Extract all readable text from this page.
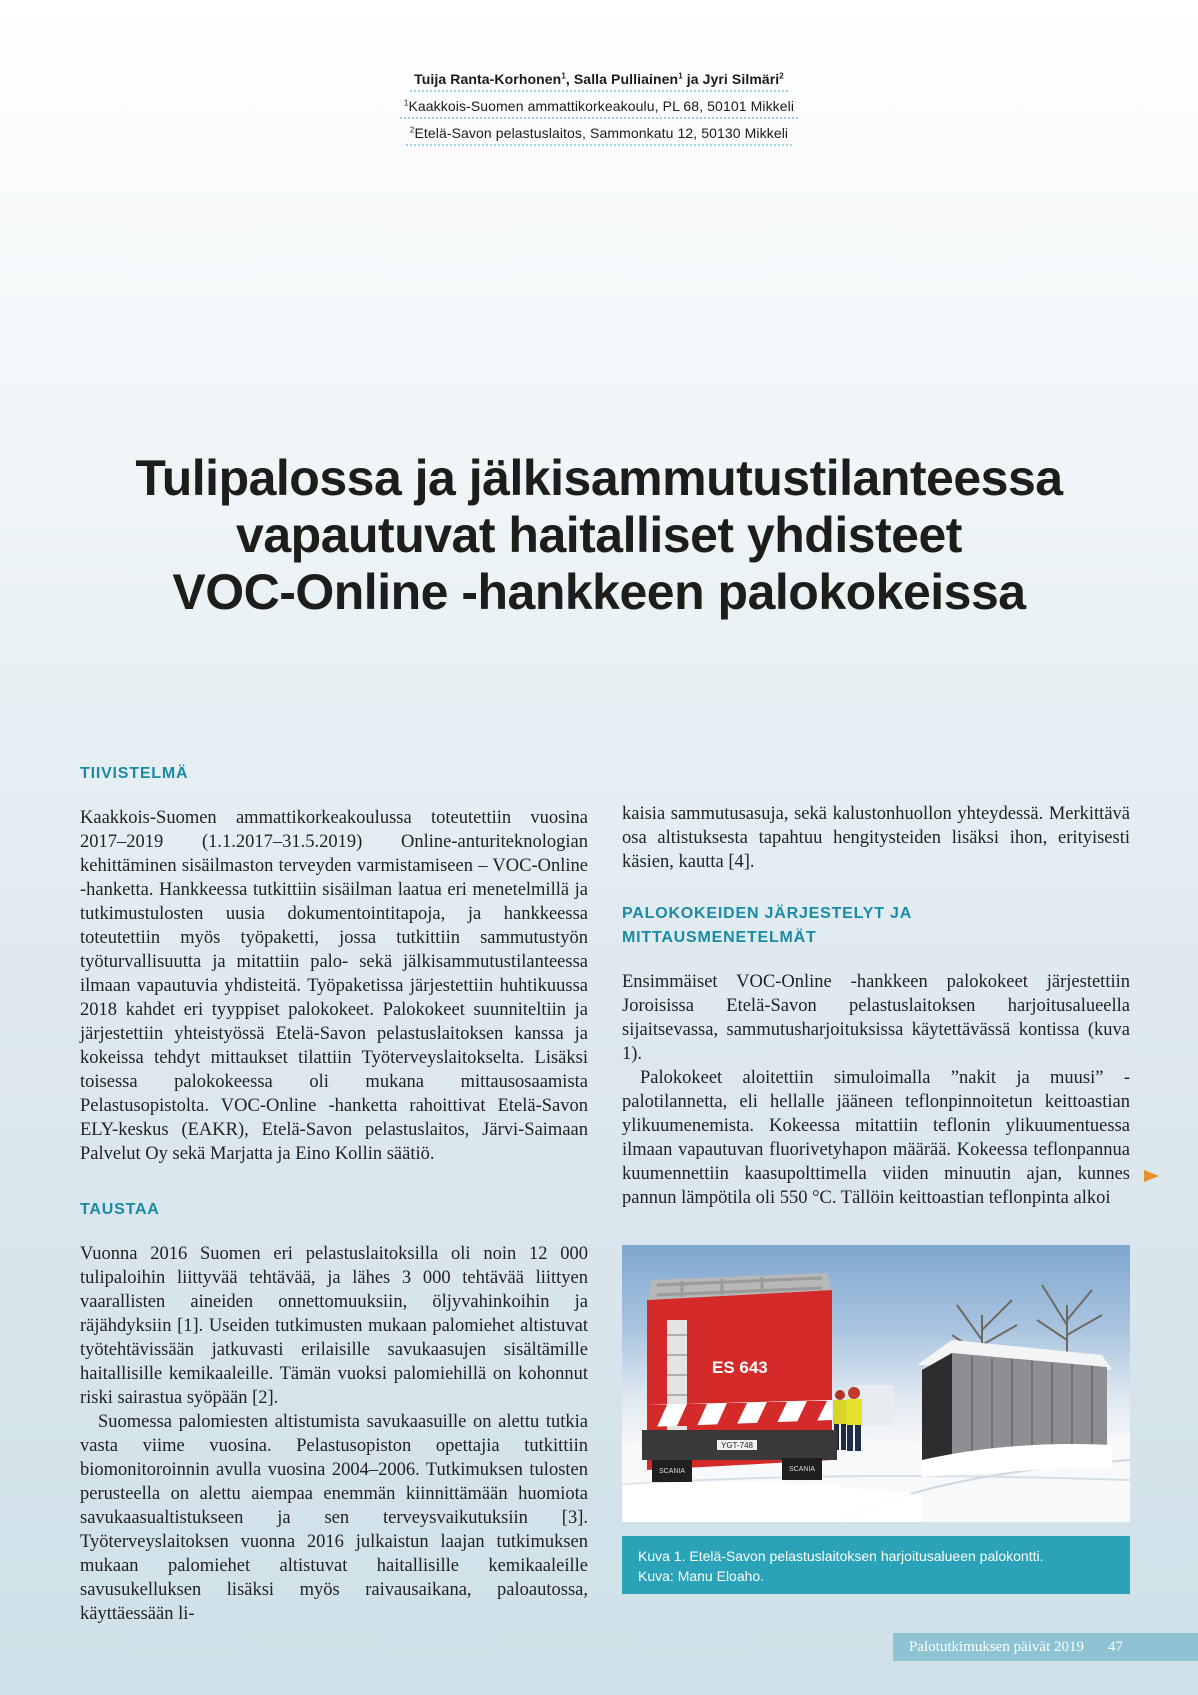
Tuija Ranta-Korhonen$^1$, Salla Pulliainen$^1$ ja Jyri Silmäri$^2$
$^1$Kaakkois-Suomen ammattikorkeakoulu, PL 68, 50101 Mikkeli
$^2$Etelä-Savon pelastuslaitos, Sammonkatu 12, 50130 Mikkeli
Tulipalossa ja jälkisammutustilanteessa
vapautuvat haitalliset yhdisteet
VOC-Online -hankkeen palokokeissa
TIIVISTELMÄ

Kaakkois-Suomen ammattikorkeakoulussa toteutettiin vuosina 2017–2019 (1.1.2017–31.5.2019) Online-anturiteknologian kehittäminen sisäilmaston terveyden varmistamiseen – VOC-Online -hanketta. Hankkeessa tutkittiin sisäilman laatua eri menetelmillä ja tutkimustulosten uusia dokumentointitapoja, ja hankkeessa toteutettiin myös työpaketti, jossa tutkittiin sammutustyön työturvallisuutta ja mitattiin palo- sekä jälkisammutustilanteessa ilmaan vapautuvia yhdisteitä. Työpaketissa järjestettiin huhtikuussa 2018 kahdet eri tyyppiset palokokeet. Palokokeet suunniteltiin ja järjestettiin yhteistyössä Etelä-Savon pelastuslaitoksen kanssa ja kokeissa tehdyt mittaukset tilattiin Työterveyslaitokselta. Lisäksi toisessa palokokeessa oli mukana mittausosaamista Pelastusopistolta. VOC-Online -hanketta rahoittivat Etelä-Savon ELY-keskus (EAKR), Etelä-Savon pelastuslaitos, Järvi-Saimaan Palvelut Oy sekä Marjatta ja Eino Kollin säätiö.

TAUSTAA

Vuonna 2016 Suomen eri pelastuslaitoksilla oli noin 12 000 tulipaloihin liittyvää tehtävää, ja lähes 3 000 tehtävää liittyen vaarallisten aineiden onnettomuuksiin, öljyvahinkoihin ja räjähdyksiin [1]. Useiden tutkimusten mukaan palomiehet altistuvat työtehtävissään jatkuvasti erilaisille savukaasujen sisältämille haitallisille kemikaaleille. Tämän vuoksi palomiehillä on kohonnut riski sairastua syöpään [2].

Suomessa palomiesten altistumista savukaasuille on alettu tutkia vasta viime vuosina. Pelastusopiston opettajia tutkittiin biomonitoroinnin avulla vuosina 2004–2006. Tutkimuksen tulosten perusteella on alettu aiempaa enemmän kiinnittämään huomiota savukaasualtistukseen ja sen terveysvaikutuksiin [3]. Työterveyslaitoksen vuonna 2016 julkaistun laajan tutkimuksen mukaan palomiehet altistuvat haitallisille kemikaaleille savusukelluksen lisäksi myös raivausaikana, paloautossa, käyttäessään li-

kaisia sammutusasuja, sekä kalustonhuollon yhteydessä. Merkittävä osa altistuksesta tapahtuu hengitysteiden lisäksi ihon, erityisesti käsien, kautta [4].

PALOKOKEIDEN JÄRJESTELYT JA
MITTAUSMENETELMÄT

Ensimmäiset VOC-Online -hankkeen palokokeet järjestettiin Joroisissa Etelä-Savon pelastuslaitoksen harjoitusalueella sijaitsevassa, sammutusharjoituksissa käytettävässä kontissa (kuva 1).

Palokokeet aloitettiin simuloimalla ”nakit ja muusi” -palotilannetta, eli hellalle jääneen teflonpinnoitetun keittoastian ylikuumenemista. Kokeessa mitattiin teflonin ylikuumentuessa ilmaan vapautuvan fluorivetyhapon määrää. Kokeessa teflonpannua kuumennettiin kaasupolttimella viiden minuutin ajan, kunnes pannun lämpötila oli 550 °C. Tällöin keittoastian teflonpinta alkoi

ES 643
YGT-748
SCANIA	SCANIA
Kuva 1. Etelä-Savon pelastuslaitoksen harjoitusalueen palokontti.
Kuva: Manu Eloaho.
Palotutkimuksen päivät 2019 47
